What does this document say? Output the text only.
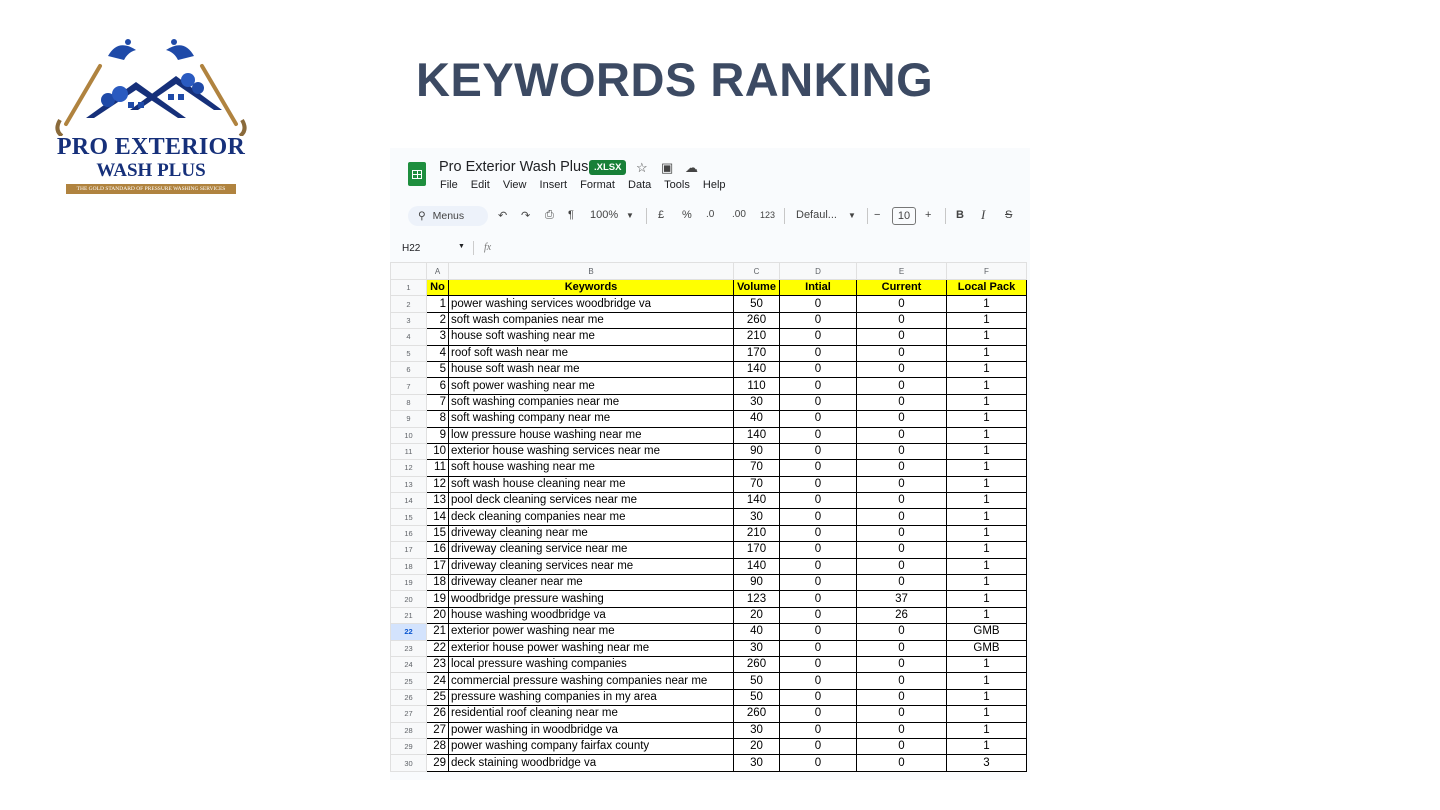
PRO EXTERIOR
WASH PLUS
THE GOLD STANDARD OF PRESSURE WASHING SERVICES
KEYWORDS RANKING
Pro Exterior Wash Plus .XLSX	☆ ▣ ☁
File Edit View Insert Format Data Tools Help
⚲ Menus	↶ ↷ ⎙ ¶ 100% ▼ £ % .0 .00 123 Defaul... ▼ −	10	+ B I S
H22	▼ fx
	A	B	C	D	E	F
1	No	Keywords	Volume	Intial	Current	Local Pack
2	1	power washing services woodbridge va	50	0	0	1
3	2	soft wash companies near me	260	0	0	1
4	3	house soft washing near me	210	0	0	1
5	4	roof soft wash near me	170	0	0	1
6	5	house soft wash near me	140	0	0	1
7	6	soft power washing near me	110	0	0	1
8	7	soft washing companies near me	30	0	0	1
9	8	soft washing company near me	40	0	0	1
10	9	low pressure house washing near me	140	0	0	1
11	10	exterior house washing services near me	90	0	0	1
12	11	soft house washing near me	70	0	0	1
13	12	soft wash house cleaning near me	70	0	0	1
14	13	pool deck cleaning services near me	140	0	0	1
15	14	deck cleaning companies near me	30	0	0	1
16	15	driveway cleaning near me	210	0	0	1
17	16	driveway cleaning service near me	170	0	0	1
18	17	driveway cleaning services near me	140	0	0	1
19	18	driveway cleaner near me	90	0	0	1
20	19	woodbridge pressure washing	123	0	37	1
21	20	house washing woodbridge va	20	0	26	1
22	21	exterior power washing near me	40	0	0	GMB
23	22	exterior house power washing near me	30	0	0	GMB
24	23	local pressure washing companies	260	0	0	1
25	24	commercial pressure washing companies near me	50	0	0	1
26	25	pressure washing companies in my area	50	0	0	1
27	26	residential roof cleaning near me	260	0	0	1
28	27	power washing in woodbridge va	30	0	0	1
29	28	power washing company fairfax county	20	0	0	1
30	29	deck staining woodbridge va	30	0	0	3
